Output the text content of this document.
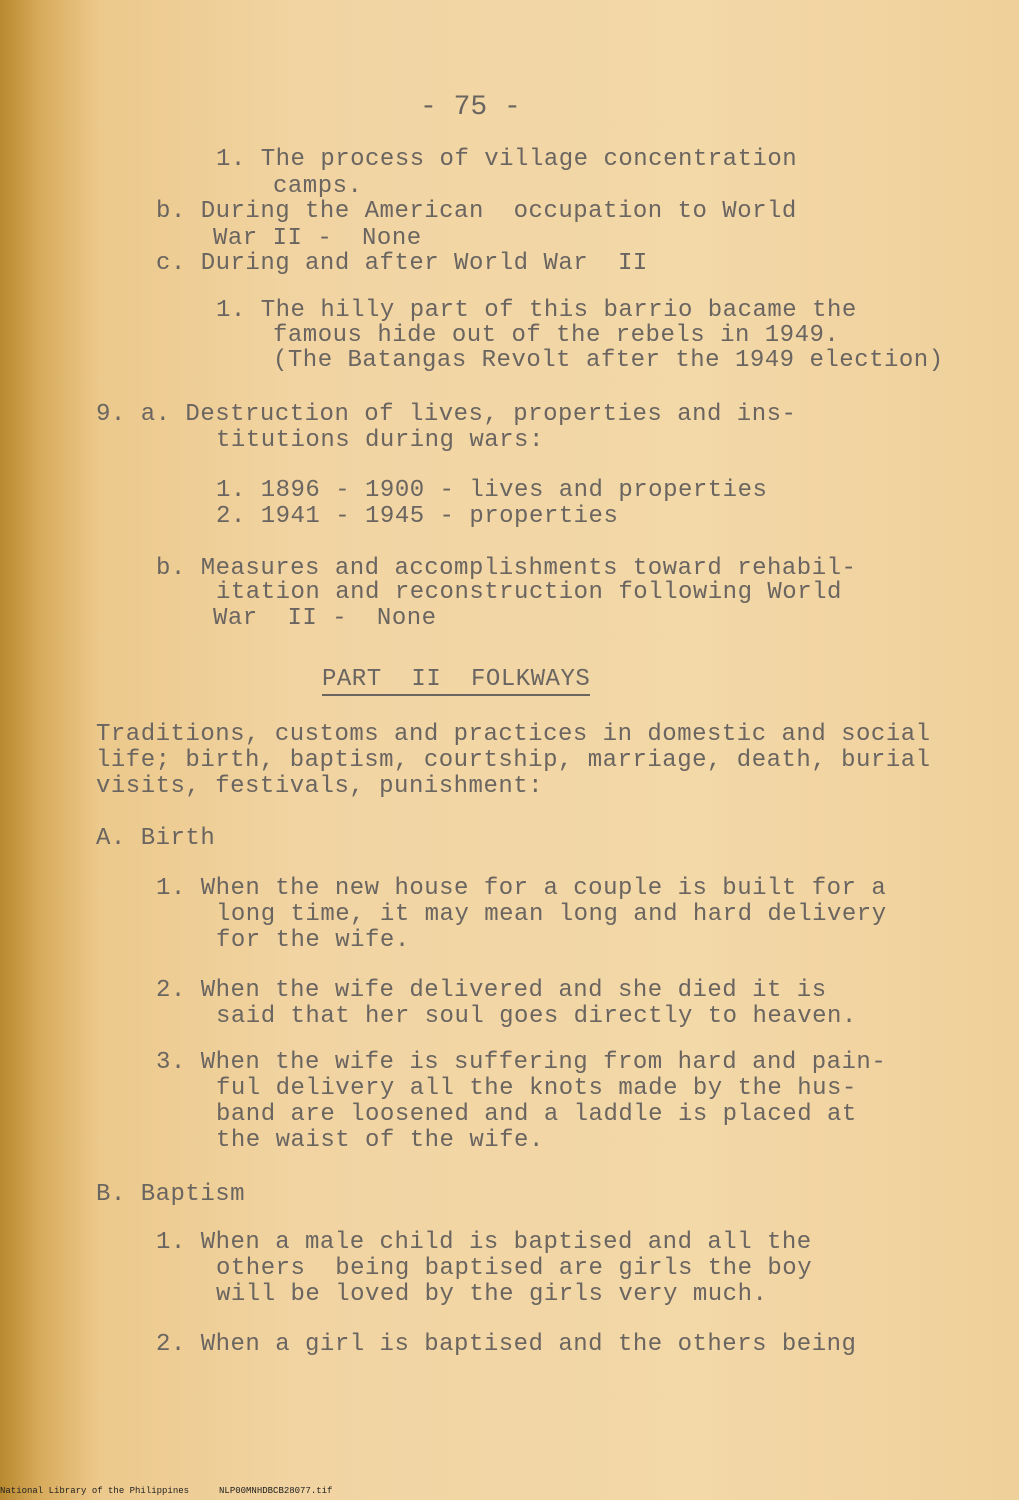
- 75 -
1. The process of village concentration
camps.
b. During the American  occupation to World
War II -  None
c. During and after World War  II
1. The hilly part of this barrio bacame the
famous hide out of the rebels in 1949.
(The Batangas Revolt after the 1949 election)
9. a. Destruction of lives, properties and ins-
titutions during wars:
1. 1896 - 1900 - lives and properties
2. 1941 - 1945 - properties
b. Measures and accomplishments toward rehabil-
itation and reconstruction following World
War  II -  None
PART  II  FOLKWAYS
Traditions, customs and practices in domestic and social
life; birth, baptism, courtship, marriage, death, burial
visits, festivals, punishment:
A. Birth
1. When the new house for a couple is built for a
long time, it may mean long and hard delivery
for the wife.
2. When the wife delivered and she died it is
said that her soul goes directly to heaven.
3. When the wife is suffering from hard and pain-
ful delivery all the knots made by the hus-
band are loosened and a laddle is placed at
the waist of the wife.
B. Baptism
1. When a male child is baptised and all the
others  being baptised are girls the boy
will be loved by the girls very much.
2. When a girl is baptised and the others being
National Library of the Philippines	NLP00MNHDBCB28077.tif
